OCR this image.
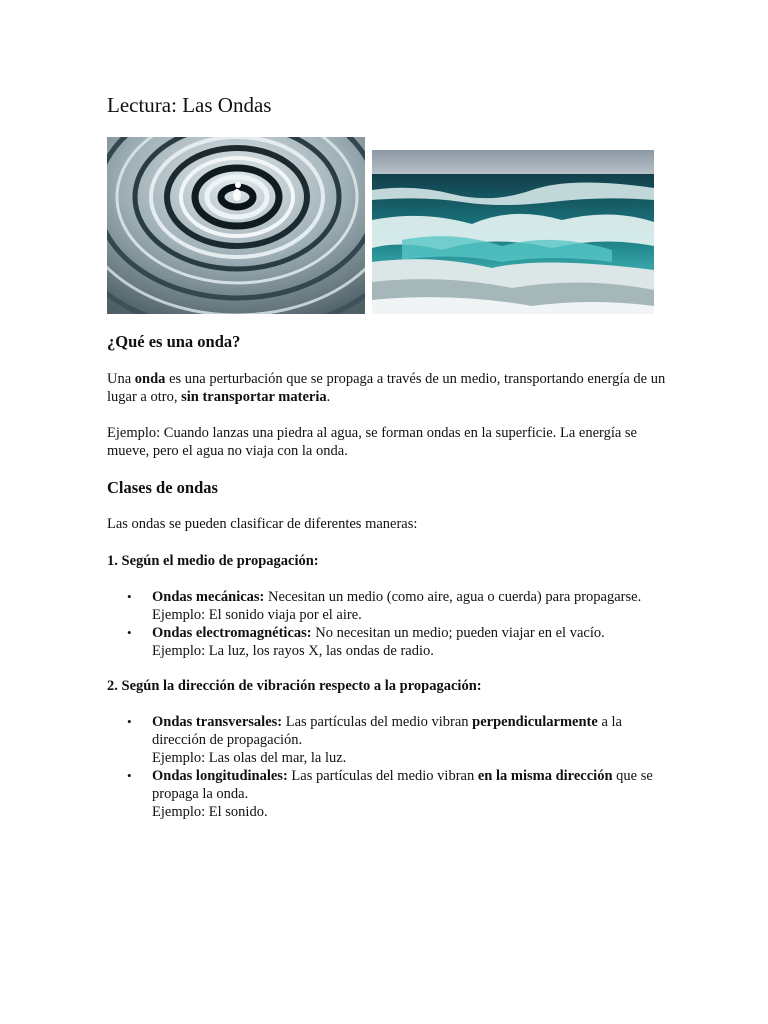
Lectura: Las Ondas
¿Qué es una onda?

Una onda es una perturbación que se propaga a través de un medio, transportando energía de un lugar a otro, sin transportar materia.

Ejemplo: Cuando lanzas una piedra al agua, se forman ondas en la superficie. La energía se mueve, pero el agua no viaja con la onda.

Clases de ondas

Las ondas se pueden clasificar de diferentes maneras:

1. Según el medio de propagación:

• Ondas mecánicas: Necesitan un medio (como aire, agua o cuerda) para propagarse.
Ejemplo: El sonido viaja por el aire.
• Ondas electromagnéticas: No necesitan un medio; pueden viajar en el vacío.
Ejemplo: La luz, los rayos X, las ondas de radio.

2. Según la dirección de vibración respecto a la propagación:

• Ondas transversales: Las partículas del medio vibran perpendicularmente a la dirección de propagación.
Ejemplo: Las olas del mar, la luz.
• Ondas longitudinales: Las partículas del medio vibran en la misma dirección que se propaga la onda.
Ejemplo: El sonido.
